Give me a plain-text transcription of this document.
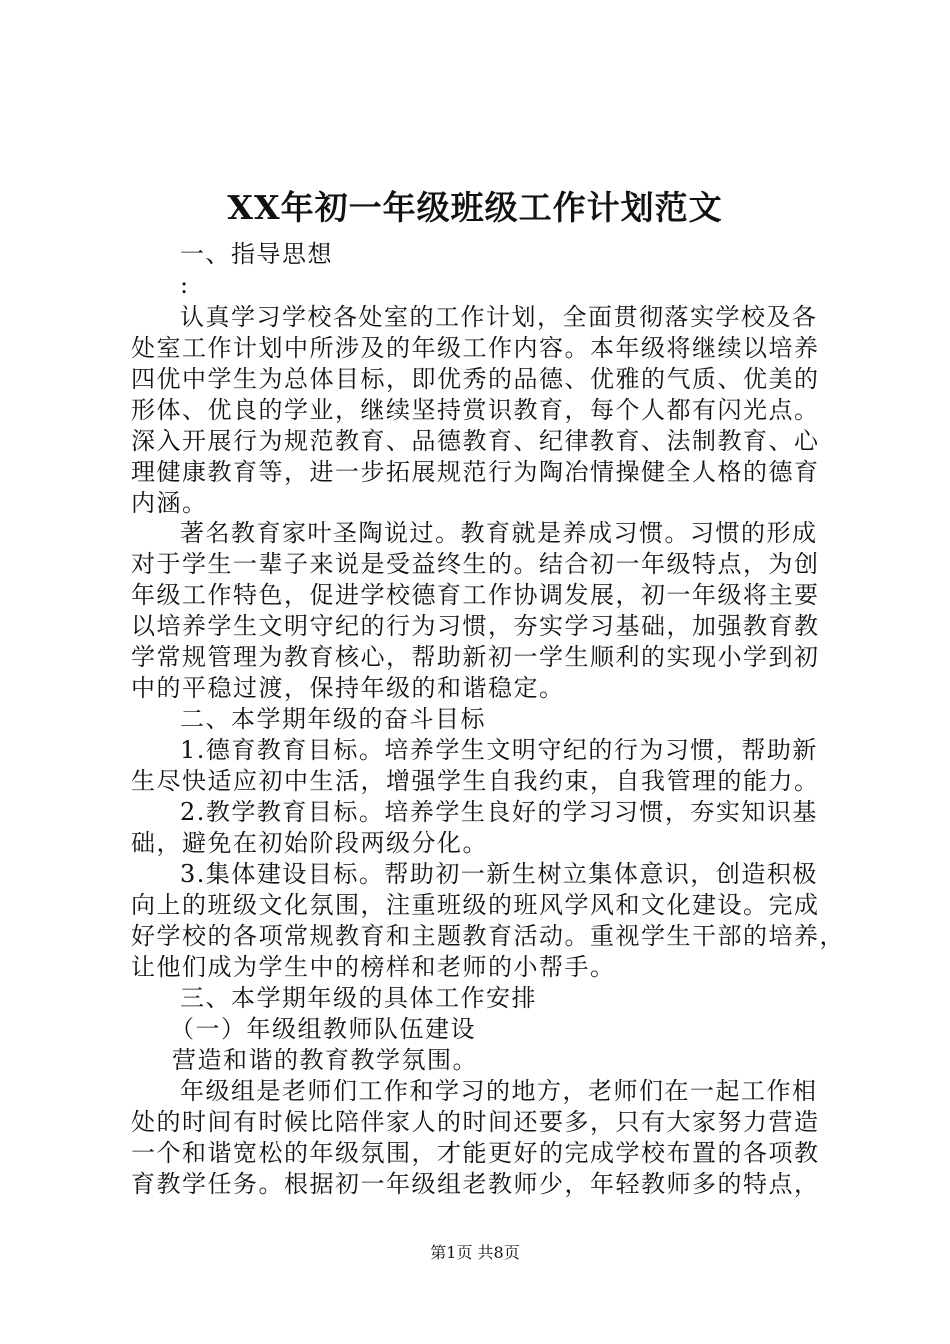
XX年初一年级班级工作计划范文
一、指导思想
:
认真学习学校各处室的工作计划，全面贯彻落实学校及各
处室工作计划中所涉及的年级工作内容。本年级将继续以培养
四优中学生为总体目标，即优秀的品德、优雅的气质、优美的
形体、优良的学业，继续坚持赏识教育，每个人都有闪光点。
深入开展行为规范教育、品德教育、纪律教育、法制教育、心
理健康教育等，进一步拓展规范行为陶冶情操健全人格的德育
内涵。
著名教育家叶圣陶说过。教育就是养成习惯。习惯的形成
对于学生一辈子来说是受益终生的。结合初一年级特点，为创
年级工作特色，促进学校德育工作协调发展，初一年级将主要
以培养学生文明守纪的行为习惯，夯实学习基础，加强教育教
学常规管理为教育核心，帮助新初一学生顺利的实现小学到初
中的平稳过渡，保持年级的和谐稳定。
二、本学期年级的奋斗目标
1.德育教育目标。培养学生文明守纪的行为习惯，帮助新
生尽快适应初中生活，增强学生自我约束，自我管理的能力。
2.教学教育目标。培养学生良好的学习习惯，夯实知识基
础，避免在初始阶段两级分化。
3.集体建设目标。帮助初一新生树立集体意识，创造积极
向上的班级文化氛围，注重班级的班风学风和文化建设。完成
好学校的各项常规教育和主题教育活动。重视学生干部的培养，
让他们成为学生中的榜样和老师的小帮手。
三、本学期年级的具体工作安排
（一）年级组教师队伍建设
营造和谐的教育教学氛围。
年级组是老师们工作和学习的地方，老师们在一起工作相
处的时间有时候比陪伴家人的时间还要多，只有大家努力营造
一个和谐宽松的年级氛围，才能更好的完成学校布置的各项教
育教学任务。根据初一年级组老教师少，年轻教师多的特点，
第1页 共8页
